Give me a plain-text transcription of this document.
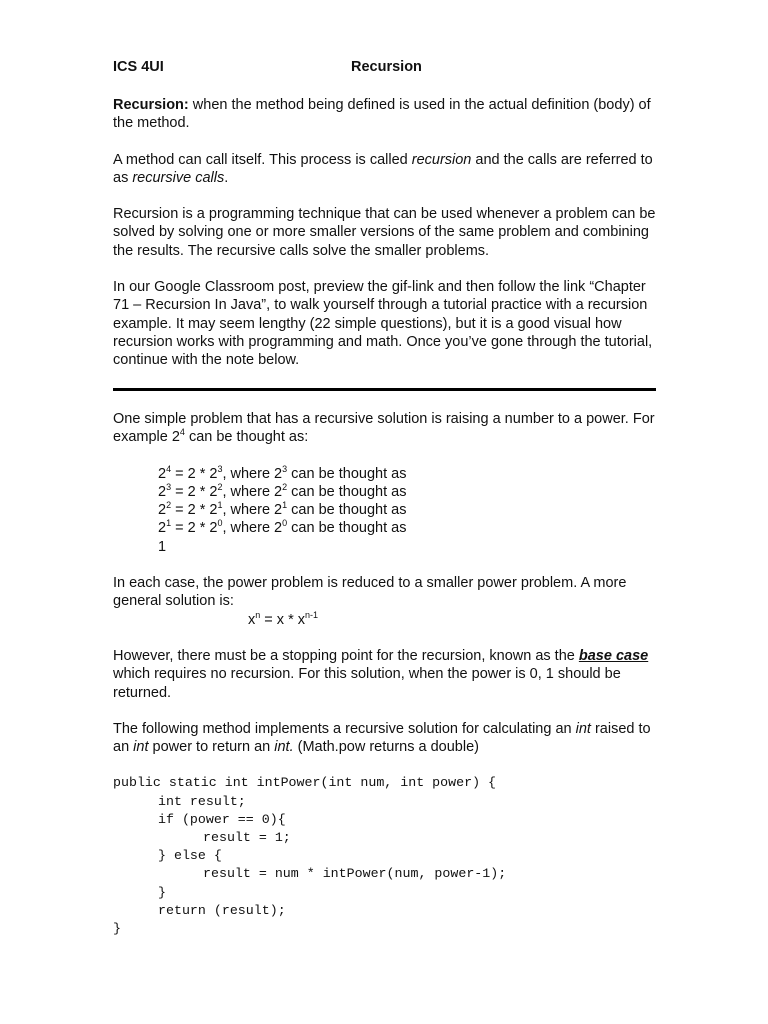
ICS 4UI	Recursion

Recursion: when the method being defined is used in the actual definition (body) of the method.

A method can call itself. This process is called recursion and the calls are referred to as recursive calls.

Recursion is a programming technique that can be used whenever a problem can be solved by solving one or more smaller versions of the same problem and combining the results. The recursive calls solve the smaller problems.

In our Google Classroom post, preview the gif-link and then follow the link “Chapter 71 – Recursion In Java”, to walk yourself through a tutorial practice with a recursion example. It may seem lengthy (22 simple questions), but it is a good visual how recursion works with programming and math. Once you’ve gone through the tutorial, continue with the note below.

One simple problem that has a recursive solution is raising a number to a power. For example $2^4$ can be thought as:

$2^4 = 2 * 2^3$, where $2^3$ can be thought as

$2^3 = 2 * 2^2$, where $2^2$ can be thought as

$2^2 = 2 * 2^1$, where $2^1$ can be thought as

$2^1 = 2 * 2^0$, where $2^0$ can be thought as

1

In each case, the power problem is reduced to a smaller power problem. A more general solution is:

$x^n = x * x^{n-1}$

However, there must be a stopping point for the recursion, known as the base case which requires no recursion. For this solution, when the power is 0, 1 should be returned.

The following method implements a recursive solution for calculating an int raised to an int power to return an int. (Math.pow returns a double)

public static int intPower(int num, int power) {
int result;
if (power == 0){
result = 1;
} else {
result = num * intPower(num, power-1);
}
return (result);
}
